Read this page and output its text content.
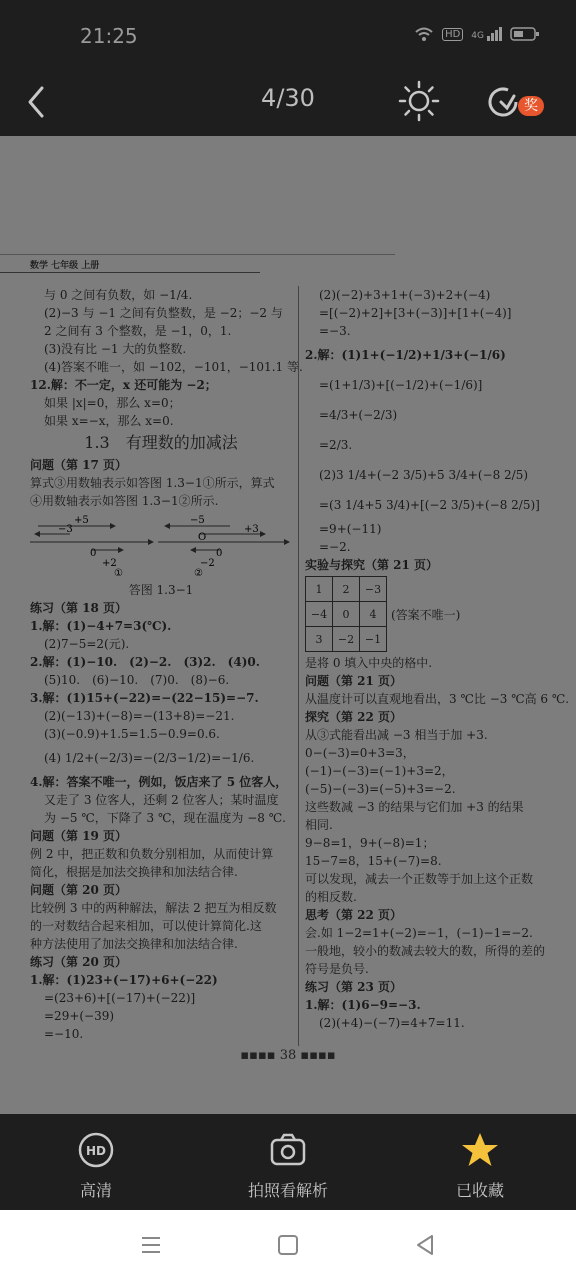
21:25	HD	4G
4/30	奖
数学 七年级 上册
与 0 之间有负数，如 −1/4.
(2)−3 与 −1 之间有负整数，是 −2；−2 与
2 之间有 3 个整数，是 −1，0，1.
(3)没有比 −1 大的负整数.
(4)答案不唯一，如 −102，−101，−101.1 等.
12.解：不一定，x 还可能为 −2；
如果 |x|=0，那么 x=0；
如果 x=−x，那么 x=0.
1.3　有理数的加减法
问题（第 17 页）
算式③用数轴表示如答图 1.3−1①所示，算式
④用数轴表示如答图 1.3−1②所示.
+5
−3
0
+2
①
−5
O
+3
0
−2
②
答图 1.3−1
练习（第 18 页）
1.解：(1)−4+7=3(℃).
(2)7−5=2(元).
2.解：(1)−10.　(2)−2.　(3)2.　(4)0.
(5)10.　(6)−10.　(7)0.　(8)−6.
3.解：(1)15+(−22)=−(22−15)=−7.
(2)(−13)+(−8)=−(13+8)=−21.
(3)(−0.9)+1.5=1.5−0.9=0.6.
(4) 1/2+(−2/3)=−(2/3−1/2)=−1/6.
4.解：答案不唯一，例如，饭店来了 5 位客人，
又走了 3 位客人，还剩 2 位客人；某时温度
为 −5 ℃，下降了 3 ℃，现在温度为 −8 ℃.
问题（第 19 页）
例 2 中，把正数和负数分别相加，从而使计算
简化，根据是加法交换律和加法结合律.
问题（第 20 页）
比较例 3 中的两种解法，解法 2 把互为相反数
的一对数结合起来相加，可以使计算简化.这
种方法使用了加法交换律和加法结合律.
练习（第 20 页）
1.解：(1)23+(−17)+6+(−22)
=(23+6)+[(−17)+(−22)]
=29+(−39)
=−10.
(2)(−2)+3+1+(−3)+2+(−4)
=[(−2)+2]+[3+(−3)]+[1+(−4)]
=−3.
2.解：(1)1+(−1/2)+1/3+(−1/6)
=(1+1/3)+[(−1/2)+(−1/6)]
=4/3+(−2/3)
=2/3.
(2)3 1/4+(−2 3/5)+5 3/4+(−8 2/5)
=(3 1/4+5 3/4)+[(−2 3/5)+(−8 2/5)]
=9+(−11)
=−2.
实验与探究（第 21 页）
1	2	−3
−4	0	4
3	−2	−1
(答案不唯一)
是将 0 填入中央的格中.
问题（第 21 页）
从温度计可以直观地看出，3 ℃比 −3 ℃高 6 ℃.
探究（第 22 页）
从③式能看出减 −3 相当于加 +3.
0−(−3)=0+3=3，
(−1)−(−3)=(−1)+3=2，
(−5)−(−3)=(−5)+3=−2.
这些数减 −3 的结果与它们加 +3 的结果
相同.
9−8=1，9+(−8)=1；
15−7=8，15+(−7)=8.
可以发现，减去一个正数等于加上这个正数
的相反数.
思考（第 22 页）
会.如 1−2=1+(−2)=−1，(−1)−1=−2.
一般地，较小的数减去较大的数，所得的差的
符号是负号.
练习（第 23 页）
1.解：(1)6−9=−3.
(2)(+4)−(−7)=4+7=11.
▪▪▪▪ 38 ▪▪▪▪
HD
高清	拍照看解析	已收藏
